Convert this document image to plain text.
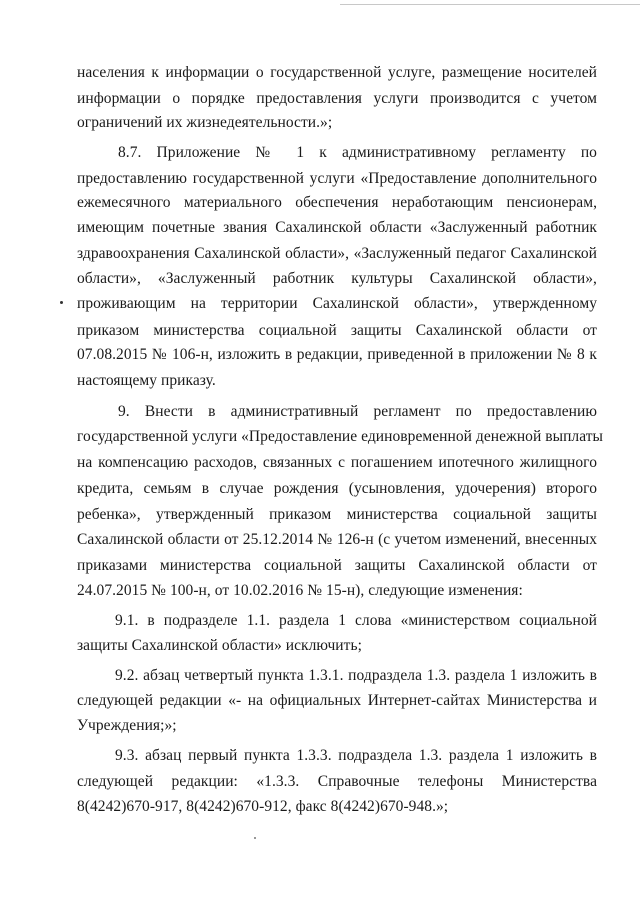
населения к информации о государственной услуге, размещение носителей
информации о порядке предоставления услуги производится с учетом
ограничений их жизнедеятельности.»;
8.7. Приложение № 1 к административному регламенту по
предоставлению государственной услуги «Предоставление дополнительного
ежемесячного материального обеспечения неработающим пенсионерам,
имеющим почетные звания Сахалинской области «Заслуженный работник
здравоохранения Сахалинской области», «Заслуженный педагог Сахалинской
области», «Заслуженный работник культуры Сахалинской области»,
проживающим на территории Сахалинской области», утвержденному
приказом министерства социальной защиты Сахалинской области от
07.08.2015 № 106-н, изложить в редакции, приведенной в приложении № 8 к
настоящему приказу.
9. Внести в административный регламент по предоставлению
государственной услуги «Предоставление единовременной денежной выплаты
на компенсацию расходов, связанных с погашением ипотечного жилищного
кредита, семьям в случае рождения (усыновления, удочерения) второго
ребенка», утвержденный приказом министерства социальной защиты
Сахалинской области от 25.12.2014 № 126-н (с учетом изменений, внесенных
приказами министерства социальной защиты Сахалинской области от
24.07.2015 № 100-н, от 10.02.2016 № 15-н), следующие изменения:
9.1. в подразделе 1.1. раздела 1 слова «министерством социальной
защиты Сахалинской области» исключить;
9.2. абзац четвертый пункта 1.3.1. подраздела 1.3. раздела 1 изложить в
следующей редакции «- на официальных Интернет-сайтах Министерства и
Учреждения;»;
9.3. абзац первый пункта 1.3.3. подраздела 1.3. раздела 1 изложить в
следующей редакции: «1.3.3. Справочные телефоны Министерства
8(4242)670-917, 8(4242)670-912, факс 8(4242)670-948.»;
